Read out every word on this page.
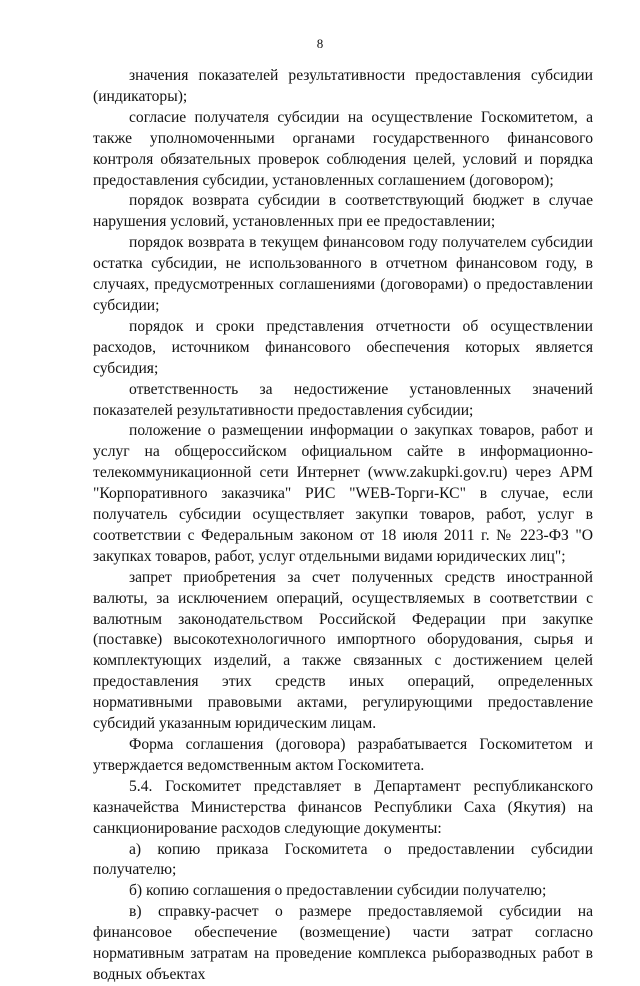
8

значения показателей результативности предоставления субсидии (индикаторы);

согласие получателя субсидии на осуществление Госкомитетом, а также уполномоченными органами государственного финансового контроля обязательных проверок соблюдения целей, условий и порядка предоставления субсидии, установленных соглашением (договором);

порядок возврата субсидии в соответствующий бюджет в случае нарушения условий, установленных при ее предоставлении;

порядок возврата в текущем финансовом году получателем субсидии остатка субсидии, не использованного в отчетном финансовом году, в случаях, предусмотренных соглашениями (договорами) о предоставлении субсидии;

порядок и сроки представления отчетности об осуществлении расходов, источником финансового обеспечения которых является субсидия;

ответственность за недостижение установленных значений показателей результативности предоставления субсидии;

положение о размещении информации о закупках товаров, работ и услуг на общероссийском официальном сайте в информационно-телекоммуникационной сети Интернет (www.zakupki.gov.ru) через АРМ "Корпоративного заказчика" РИС "WEB-Торги-КС" в случае, если получатель субсидии осуществляет закупки товаров, работ, услуг в соответствии с Федеральным законом от 18 июля 2011 г. № 223-ФЗ "О закупках товаров, работ, услуг отдельными видами юридических лиц";

запрет приобретения за счет полученных средств иностранной валюты, за исключением операций, осуществляемых в соответствии с валютным законодательством Российской Федерации при закупке (поставке) высокотехнологичного импортного оборудования, сырья и комплектующих изделий, а также связанных с достижением целей предоставления этих средств иных операций, определенных нормативными правовыми актами, регулирующими предоставление субсидий указанным юридическим лицам.

Форма соглашения (договора) разрабатывается Госкомитетом и утверждается ведомственным актом Госкомитета.

5.4. Госкомитет представляет в Департамент республиканского казначейства Министерства финансов Республики Саха (Якутия) на санкционирование расходов следующие документы:

а) копию приказа Госкомитета о предоставлении субсидии получателю;

б) копию соглашения о предоставлении субсидии получателю;

в) справку-расчет о размере предоставляемой субсидии на финансовое обеспечение (возмещение) части затрат согласно нормативным затратам на проведение комплекса рыборазводных работ в водных объектах
